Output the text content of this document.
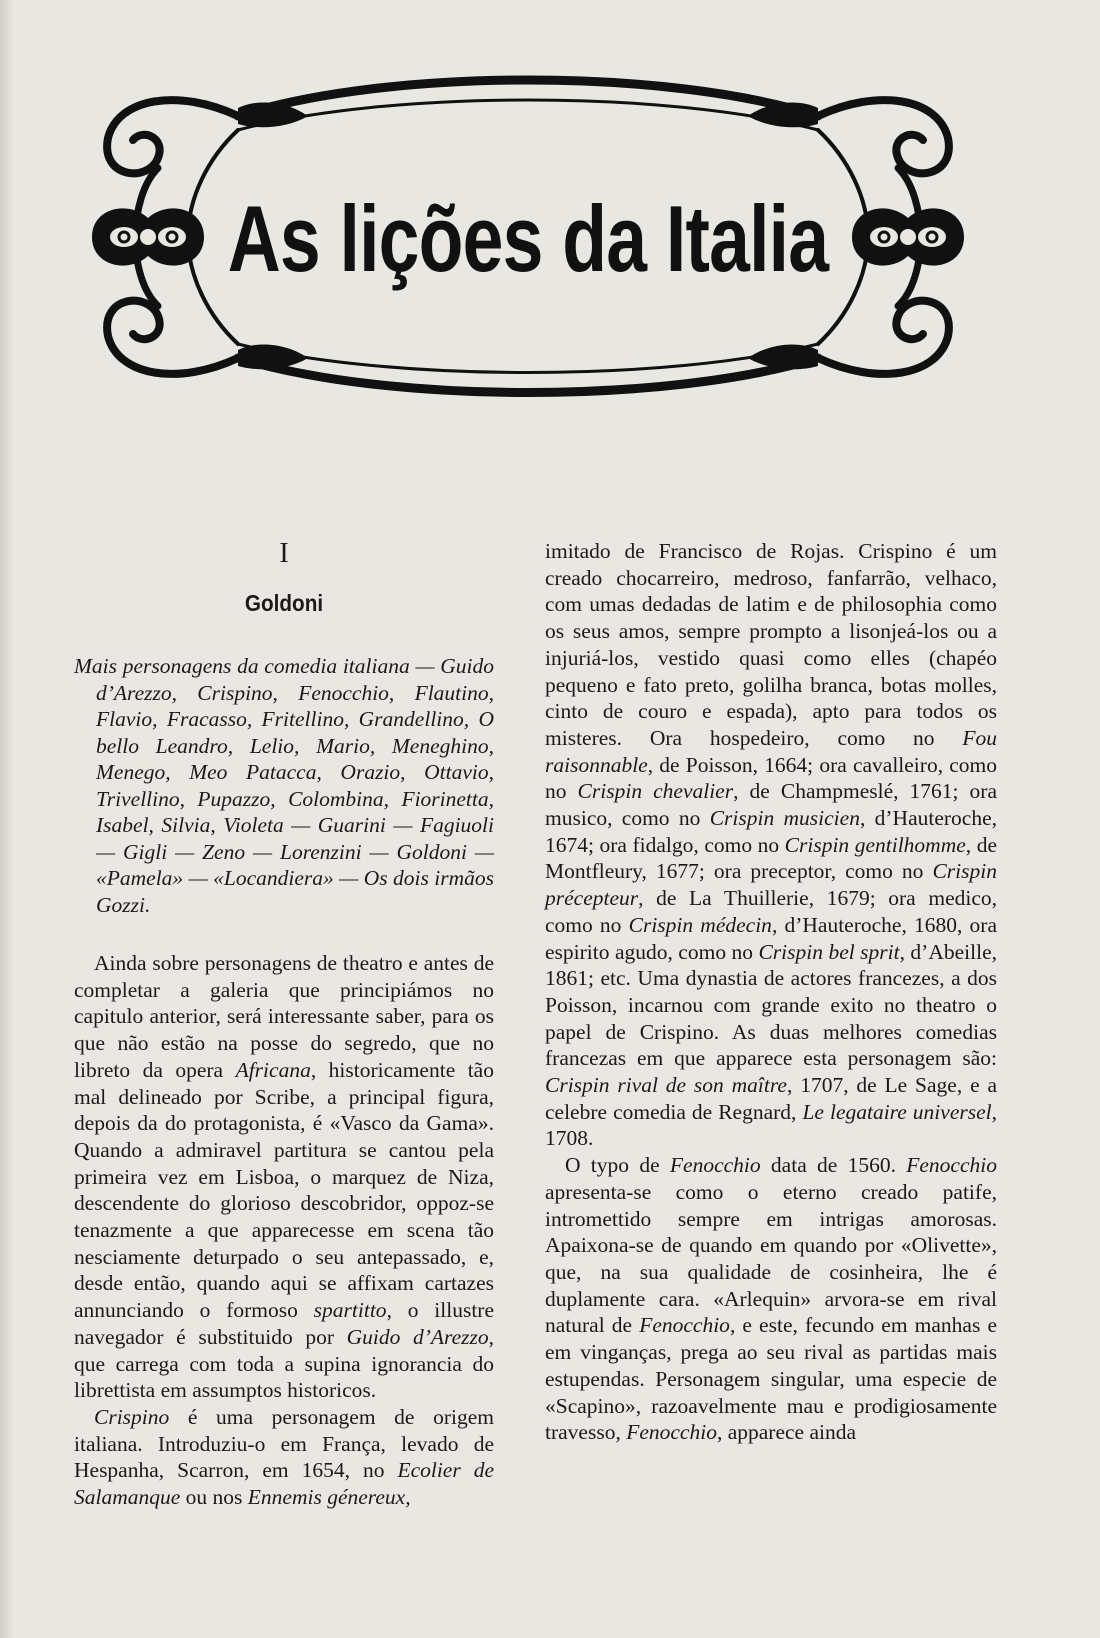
As lições da Italia
I
Goldoni

Mais personagens da comedia italiana — Guido d’Arezzo, Crispino, Fenocchio, Flautino, Flavio, Fracasso, Fritellino, Grandellino, O bello Leandro, Lelio, Mario, Meneghino, Menego, Meo Patacca, Orazio, Ottavio, Trivellino, Pupazzo, Colombina, Fiorinetta, Isabel, Silvia, Violeta — Guarini — Fagiuoli — Gigli — Zeno — Lorenzini — Goldoni — «Pamela» — «Locandiera» — Os dois irmãos Gozzi.

Ainda sobre personagens de theatro e antes de completar a galeria que principiámos no capitulo anterior, será interessante saber, para os que não estão na posse do segredo, que no libreto da opera Africana, historicamente tão mal delineado por Scribe, a principal figura, depois da do protagonista, é «Vasco da Gama». Quando a admiravel partitura se cantou pela primeira vez em Lisboa, o marquez de Niza, descendente do glorioso descobridor, oppoz-se tenazmente a que apparecesse em scena tão nesciamente deturpado o seu antepassado, e, desde então, quando aqui se affixam cartazes annunciando o formoso spartitto, o illustre navegador é substituido por Guido d’Arezzo, que carrega com toda a supina ignorancia do librettista em assumptos historicos.

Crispino é uma personagem de origem italiana. Introduziu-o em França, levado de Hespanha, Scarron, em 1654, no Ecolier de Salamanque ou nos Ennemis génereux,

imitado de Francisco de Rojas. Crispino é um creado chocarreiro, medroso, fanfarrão, velhaco, com umas dedadas de latim e de philosophia como os seus amos, sempre prompto a lisonjeá-los ou a injuriá-los, vestido quasi como elles (chapéo pequeno e fato preto, golilha branca, botas molles, cinto de couro e espada), apto para todos os misteres. Ora hospedeiro, como no Fou raisonnable, de Poisson, 1664; ora cavalleiro, como no Crispin chevalier, de Champmeslé, 1761; ora musico, como no Crispin musicien, d’Hauteroche, 1674; ora fidalgo, como no Crispin gentilhomme, de Montfleury, 1677; ora preceptor, como no Crispin précepteur, de La Thuillerie, 1679; ora medico, como no Crispin médecin, d’Hauteroche, 1680, ora espirito agudo, como no Crispin bel sprit, d’Abeille, 1861; etc. Uma dynastia de actores francezes, a dos Poisson, incarnou com grande exito no theatro o papel de Crispino. As duas melhores comedias francezas em que apparece esta personagem são: Crispin rival de son maître, 1707, de Le Sage, e a celebre comedia de Regnard, Le legataire universel, 1708.

O typo de Fenocchio data de 1560. Fenocchio apresenta-se como o eterno creado patife, intromettido sempre em intrigas amorosas. Apaixona-se de quando em quando por «Olivette», que, na sua qualidade de cosinheira, lhe é duplamente cara. «Arlequin» arvora-se em rival natural de Fenocchio, e este, fecundo em manhas e em vinganças, prega ao seu rival as partidas mais estupendas. Personagem singular, uma especie de «Scapino», razoavelmente mau e prodigiosamente travesso, Fenocchio, apparece ainda
